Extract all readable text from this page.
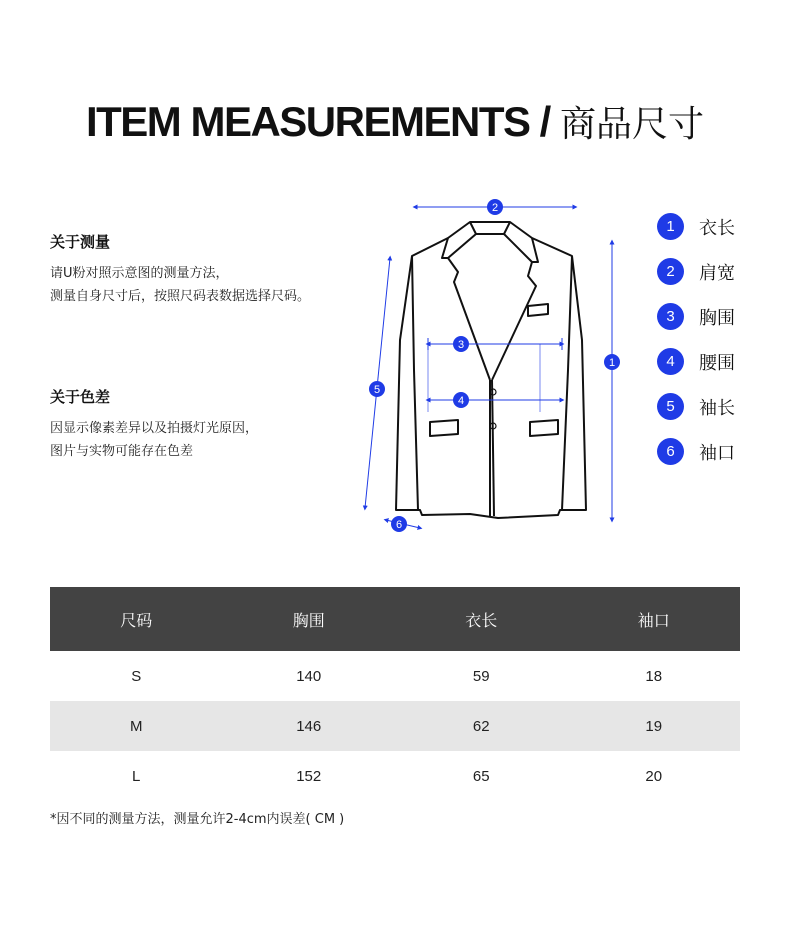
ITEM MEASUREMENTS / 商品尺寸
关于测量
请U粉对照示意图的测量方法，
测量自身尺寸后，按照尺码表数据选择尺码。
关于色差
因显示像素差异以及拍摄灯光原因，
图片与实物可能存在色差
2
1
3
4
5
6
1	衣长
2	肩宽
3	胸围
4	腰围
5	袖长
6	袖口
尺码	胸围	衣长	袖口
S	140	59	18
M	146	62	19
L	152	65	20
*因不同的测量方法，测量允许2-4cm内误差( CM )
